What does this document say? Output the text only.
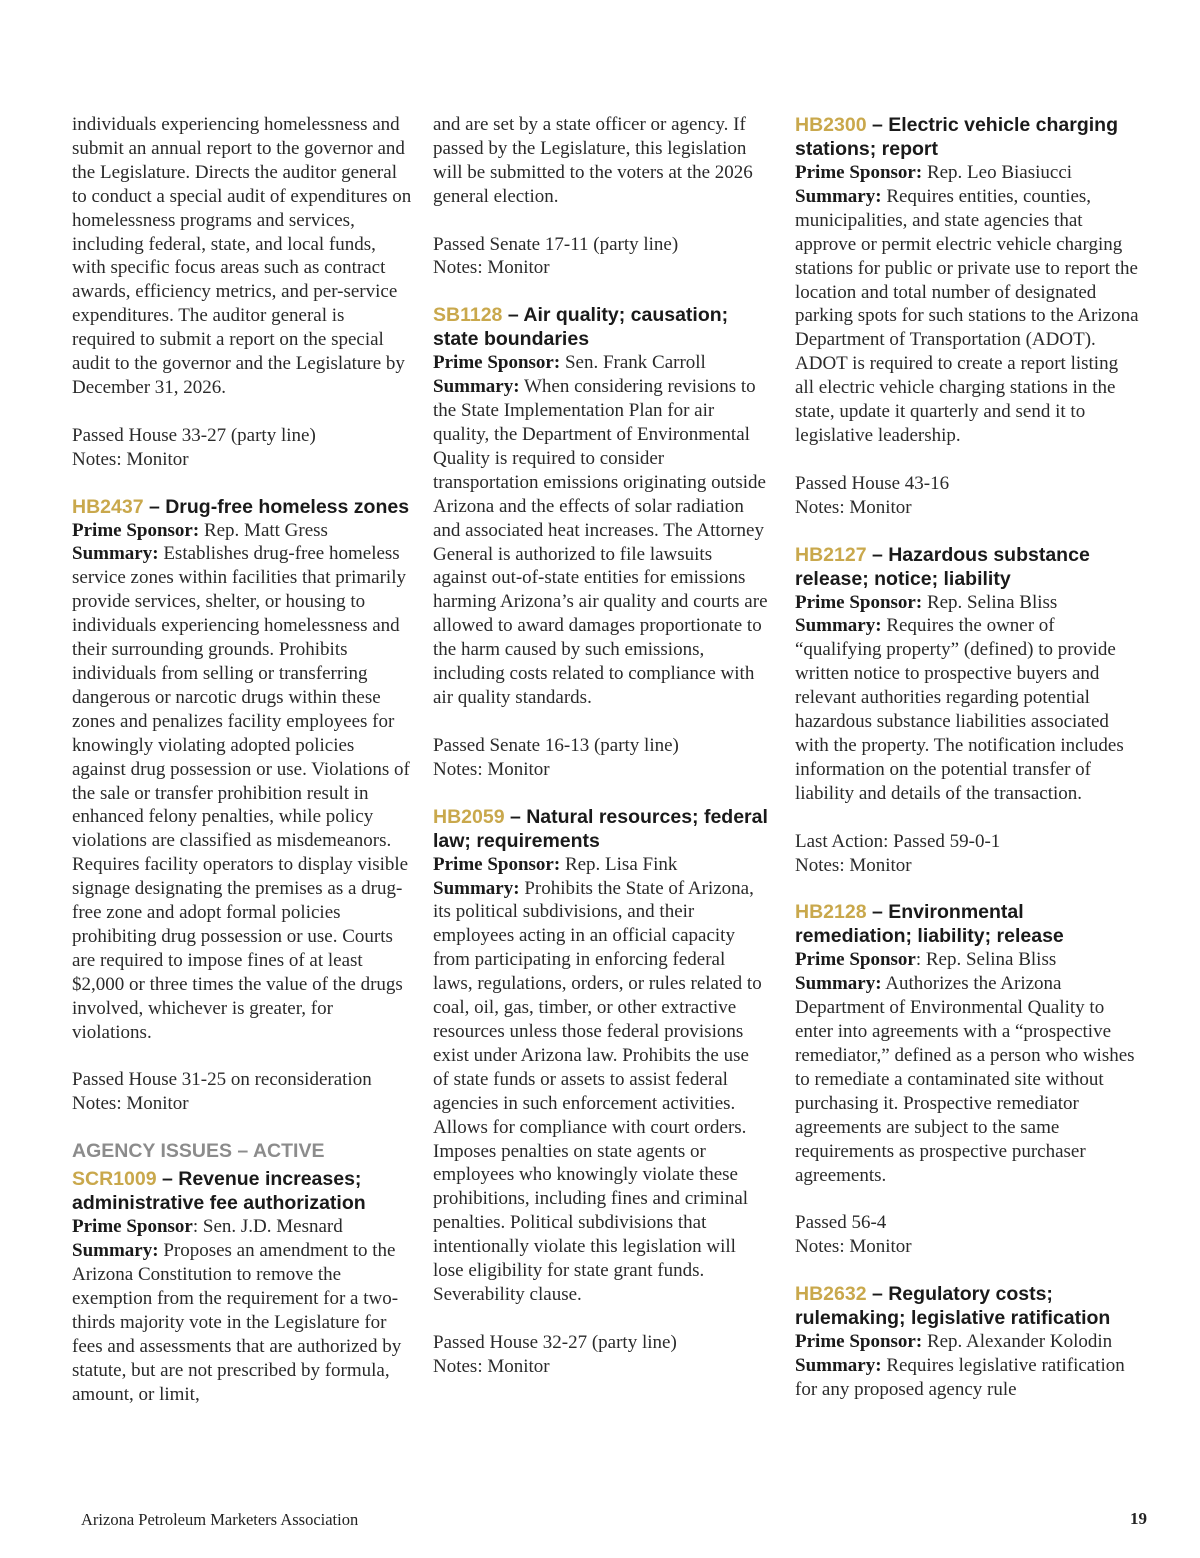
individuals experiencing homelessness and submit an annual report to the governor and the Legislature. Directs the auditor general to conduct a special audit of expenditures on homelessness programs and services, including federal, state, and local funds, with specific focus areas such as contract awards, efficiency metrics, and per-service expenditures. The auditor general is required to submit a report on the special audit to the governor and the Legislature by December 31, 2026.

Passed House 33-27 (party line)

Notes: Monitor

HB2437 – Drug-free homeless zones

Prime Sponsor: Rep. Matt Gress

Summary: Establishes drug-free homeless service zones within facilities that primarily provide services, shelter, or housing to individuals experiencing homelessness and their surrounding grounds. Prohibits individuals from selling or transferring dangerous or narcotic drugs within these zones and penalizes facility employees for knowingly violating adopted policies against drug possession or use. Violations of the sale or transfer prohibition result in enhanced felony penalties, while policy violations are classified as misdemeanors. Requires facility operators to display visible signage designating the premises as a drug-free zone and adopt formal policies prohibiting drug possession or use. Courts are required to impose fines of at least $2,000 or three times the value of the drugs involved, whichever is greater, for violations.

Passed House 31-25 on reconsideration

Notes: Monitor

AGENCY ISSUES – ACTIVE
SCR1009 – Revenue increases; administrative fee authorization

Prime Sponsor: Sen. J.D. Mesnard

Summary: Proposes an amendment to the Arizona Constitution to remove the exemption from the requirement for a two-thirds majority vote in the Legislature for fees and assessments that are authorized by statute, but are not prescribed by formula, amount, or limit,

and are set by a state officer or agency. If passed by the Legislature, this legislation will be submitted to the voters at the 2026 general election.

Passed Senate 17-11 (party line)

Notes: Monitor

SB1128 – Air quality; causation; state boundaries

Prime Sponsor: Sen. Frank Carroll

Summary: When considering revisions to the State Implementation Plan for air quality, the Department of Environmental Quality is required to consider transportation emissions originating outside Arizona and the effects of solar radiation and associated heat increases. The Attorney General is authorized to file lawsuits against out-of-state entities for emissions harming Arizona’s air quality and courts are allowed to award damages proportionate to the harm caused by such emissions, including costs related to compliance with air quality standards.

Passed Senate 16-13 (party line)

Notes: Monitor

HB2059 – Natural resources; federal law; requirements

Prime Sponsor: Rep. Lisa Fink

Summary: Prohibits the State of Arizona, its political subdivisions, and their employees acting in an official capacity from participating in enforcing federal laws, regulations, orders, or rules related to coal, oil, gas, timber, or other extractive resources unless those federal provisions exist under Arizona law. Prohibits the use of state funds or assets to assist federal agencies in such enforcement activities. Allows for compliance with court orders. Imposes penalties on state agents or employees who knowingly violate these prohibitions, including fines and criminal penalties. Political subdivisions that intentionally violate this legislation will lose eligibility for state grant funds. Severability clause.

Passed House 32-27 (party line)

Notes: Monitor

HB2300 – Electric vehicle charging stations; report

Prime Sponsor: Rep. Leo Biasiucci

Summary: Requires entities, counties, municipalities, and state agencies that approve or permit electric vehicle charging stations for public or private use to report the location and total number of designated parking spots for such stations to the Arizona Department of Transportation (ADOT). ADOT is required to create a report listing all electric vehicle charging stations in the state, update it quarterly and send it to legislative leadership.

Passed House 43-16

Notes: Monitor

HB2127 – Hazardous substance release; notice; liability

Prime Sponsor: Rep. Selina Bliss

Summary: Requires the owner of “qualifying property” (defined) to provide written notice to prospective buyers and relevant authorities regarding potential hazardous substance liabilities associated with the property. The notification includes information on the potential transfer of liability and details of the transaction.

Last Action: Passed 59-0-1

Notes: Monitor

HB2128 – Environmental remediation; liability; release

Prime Sponsor: Rep. Selina Bliss

Summary: Authorizes the Arizona Department of Environmental Quality to enter into agreements with a “prospective remediator,” defined as a person who wishes to remediate a contaminated site without purchasing it. Prospective remediator agreements are subject to the same requirements as prospective purchaser agreements.

Passed 56-4

Notes: Monitor

HB2632 – Regulatory costs; rulemaking; legislative ratification

Prime Sponsor: Rep. Alexander Kolodin

Summary: Requires legislative ratification for any proposed agency rule

Arizona Petroleum Marketers Association	19
